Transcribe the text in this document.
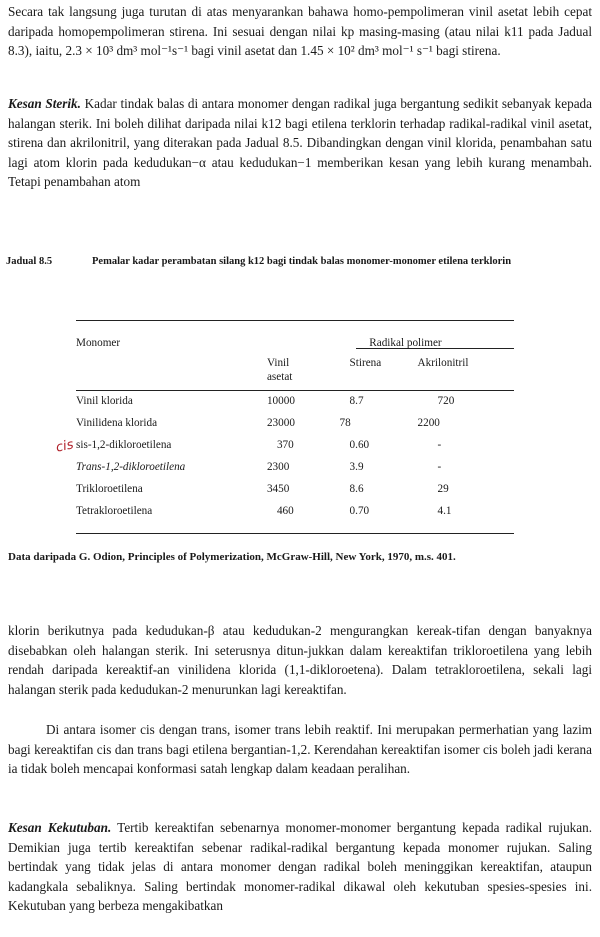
Secara tak langsung juga turutan di atas menyarankan bahawa homo-pempolimeran vinil asetat lebih cepat daripada homopempolimeran stirena. Ini sesuai dengan nilai kp masing-masing (atau nilai k11 pada Jadual 8.3), iaitu, 2.3 × 10³ dm³ mol⁻¹s⁻¹ bagi vinil asetat dan 1.45 × 10² dm³ mol⁻¹ s⁻¹ bagi stirena.

Kesan Sterik. Kadar tindak balas di antara monomer dengan radikal juga bergantung sedikit sebanyak kepada halangan sterik. Ini boleh dilihat daripada nilai k12 bagi etilena terklorin terhadap radikal-radikal vinil asetat, stirena dan akrilonitril, yang diterakan pada Jadual 8.5. Dibandingkan dengan vinil klorida, penambahan satu lagi atom klorin pada kedudukan−α atau kedudukan−1 memberikan kesan yang lebih kurang menambah. Tetapi penambahan atom

Jadual 8.5	Pemalar kadar perambatan silang k12 bagi tindak balas monomer-monomer etilena terklorin
Monomer	Radikal polimer		
	Vinil asetat	Stirena	Akrilonitril
Vinil klorida	10000	8.7	720
Vinilidena klorida	23000	78	2200
sis-1,2-dikloroetilena	370	0.60	-
Trans-1,2-dikloroetilena	2300	3.9	-
Trikloroetilena	3450	8.6	29
Tetrakloroetilena	460	0.70	4.1
cis
Data daripada G. Odion, Principles of Polymerization, McGraw-Hill, New York, 1970, m.s. 401.

klorin berikutnya pada kedudukan-β atau kedudukan-2 mengurangkan kereak-tifan dengan banyaknya disebabkan oleh halangan sterik. Ini seterusnya ditun-jukkan dalam kereaktifan trikloroetilena yang lebih rendah daripada kereaktif-an vinilidena klorida (1,1-dikloroetena). Dalam tetrakloroetilena, sekali lagi halangan sterik pada kedudukan-2 menurunkan lagi kereaktifan.

Di antara isomer cis dengan trans, isomer trans lebih reaktif. Ini merupakan permerhatian yang lazim bagi kereaktifan cis dan trans bagi etilena bergantian-1,2. Kerendahan kereaktifan isomer cis boleh jadi kerana ia tidak boleh mencapai konformasi satah lengkap dalam keadaan peralihan.

Kesan Kekutuban. Tertib kereaktifan sebenarnya monomer-monomer bergantung kepada radikal rujukan. Demikian juga tertib kereaktifan sebenar radikal-radikal bergantung kepada monomer rujukan. Saling bertindak yang tidak jelas di antara monomer dengan radikal boleh meninggikan kereaktifan, ataupun kadangkala sebaliknya. Saling bertindak monomer-radikal dikawal oleh kekutuban spesies-spesies ini. Kekutuban yang berbeza mengakibatkan
